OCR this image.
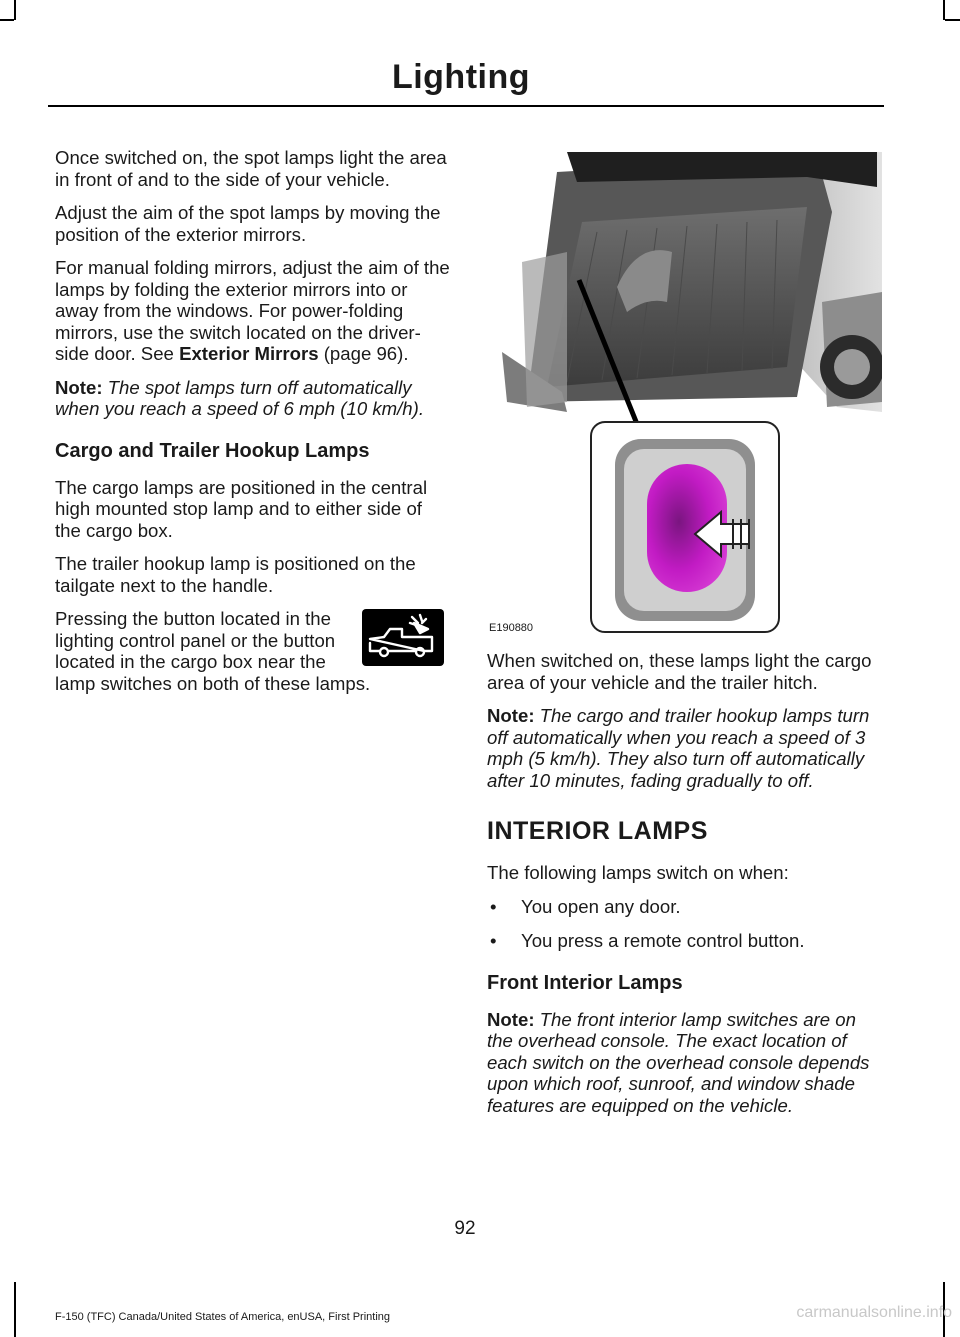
Lighting

Once switched on, the spot lamps light the area in front of and to the side of your vehicle.

Adjust the aim of the spot lamps by moving the position of the exterior mirrors.

For manual folding mirrors, adjust the aim of the lamps by folding the exterior mirrors into or away from the windows. For power-folding mirrors, use the switch located on the driver-side door. See Exterior Mirrors (page 96).

Note: The spot lamps turn off automatically when you reach a speed of 6 mph (10 km/h).

Cargo and Trailer Hookup Lamps

The cargo lamps are positioned in the central high mounted stop lamp and to either side of the cargo box.

The trailer hookup lamp is positioned on the tailgate next to the handle.

Pressing the button located in the lighting control panel or the button located in the cargo box near the lamp switches on both of these lamps.

E190880

When switched on, these lamps light the cargo area of your vehicle and the trailer hitch.

Note: The cargo and trailer hookup lamps turn off automatically when you reach a speed of 3 mph (5 km/h). They also turn off automatically after 10 minutes, fading gradually to off.

INTERIOR LAMPS

The following lamps switch on when:

• You open any door.
• You press a remote control button.
Front Interior Lamps

Note: The front interior lamp switches are on the overhead console. The exact location of each switch on the overhead console depends upon which roof, sunroof, and window shade features are equipped on the vehicle.

92
F-150 (TFC) Canada/United States of America, enUSA, First Printing	carmanualsonline.info
